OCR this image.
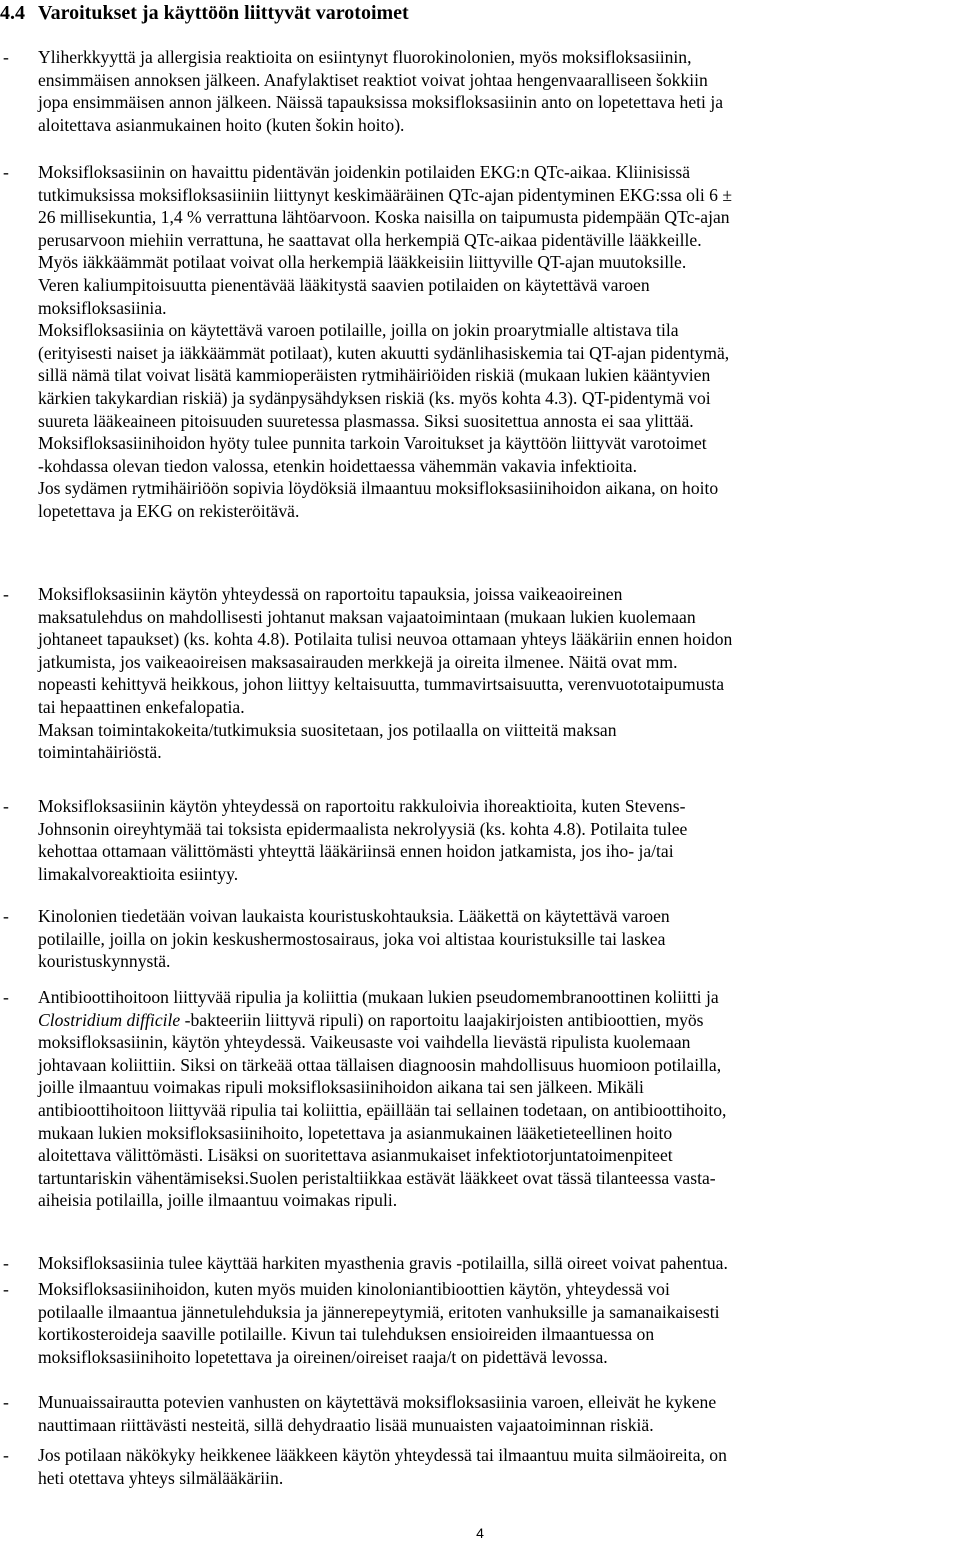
4.4 Varoitukset ja käyttöön liittyvät varotoimet
- Yliherkkyyttä ja allergisia reaktioita on esiintynyt fluorokinolonien, myös moksifloksasiinin,
ensimmäisen annoksen jälkeen. Anafylaktiset reaktiot voivat johtaa hengenvaaralliseen šokkiin
jopa ensimmäisen annon jälkeen. Näissä tapauksissa moksifloksasiinin anto on lopetettava heti ja
aloitettava asianmukainen hoito (kuten šokin hoito).
- Moksifloksasiinin on havaittu pidentävän joidenkin potilaiden EKG:n QTc-aikaa. Kliinisissä
tutkimuksissa moksifloksasiiniin liittynyt keskimääräinen QTc-ajan pidentyminen EKG:ssa oli 6 ±
26 millisekuntia, 1,4 % verrattuna lähtöarvoon. Koska naisilla on taipumusta pidempään QTc-ajan
perusarvoon miehiin verrattuna, he saattavat olla herkempiä QTc-aikaa pidentäville lääkkeille.
Myös iäkkäämmät potilaat voivat olla herkempiä lääkkeisiin liittyville QT-ajan muutoksille.
Veren kaliumpitoisuutta pienentävää lääkitystä saavien potilaiden on käytettävä varoen
moksifloksasiinia.
Moksifloksasiinia on käytettävä varoen potilaille, joilla on jokin proarytmialle altistava tila
(erityisesti naiset ja iäkkäämmät potilaat), kuten akuutti sydänlihasiskemia tai QT-ajan pidentymä,
sillä nämä tilat voivat lisätä kammioperäisten rytmihäiriöiden riskiä (mukaan lukien kääntyvien
kärkien takykardian riskiä) ja sydänpysähdyksen riskiä (ks. myös kohta 4.3). QT-pidentymä voi
suureta lääkeaineen pitoisuuden suuretessa plasmassa. Siksi suositettua annosta ei saa ylittää.
Moksifloksasiinihoidon hyöty tulee punnita tarkoin Varoitukset ja käyttöön liittyvät varotoimet
-kohdassa olevan tiedon valossa, etenkin hoidettaessa vähemmän vakavia infektioita.
Jos sydämen rytmihäiriöön sopivia löydöksiä ilmaantuu moksifloksasiinihoidon aikana, on hoito
lopetettava ja EKG on rekisteröitävä.
- Moksifloksasiinin käytön yhteydessä on raportoitu tapauksia, joissa vaikeaoireinen
maksatulehdus on mahdollisesti johtanut maksan vajaatoimintaan (mukaan lukien kuolemaan
johtaneet tapaukset) (ks. kohta 4.8). Potilaita tulisi neuvoa ottamaan yhteys lääkäriin ennen hoidon
jatkumista, jos vaikeaoireisen maksasairauden merkkejä ja oireita ilmenee. Näitä ovat mm.
nopeasti kehittyvä heikkous, johon liittyy keltaisuutta, tummavirtsaisuutta, verenvuototaipumusta
tai hepaattinen enkefalopatia.
Maksan toimintakokeita/tutkimuksia suositetaan, jos potilaalla on viitteitä maksan
toimintahäiriöstä.
- Moksifloksasiinin käytön yhteydessä on raportoitu rakkuloivia ihoreaktioita, kuten Stevens-
Johnsonin oireyhtymää tai toksista epidermaalista nekrolyysiä (ks. kohta 4.8). Potilaita tulee
kehottaa ottamaan välittömästi yhteyttä lääkäriinsä ennen hoidon jatkamista, jos iho- ja/tai
limakalvoreaktioita esiintyy.
- Kinolonien tiedetään voivan laukaista kouristuskohtauksia. Lääkettä on käytettävä varoen
potilaille, joilla on jokin keskushermostosairaus, joka voi altistaa kouristuksille tai laskea
kouristuskynnystä.
- Antibioottihoitoon liittyvää ripulia ja koliittia (mukaan lukien pseudomembranoottinen koliitti ja
Clostridium difficile -bakteeriin liittyvä ripuli) on raportoitu laajakirjoisten antibioottien, myös
moksifloksasiinin, käytön yhteydessä. Vaikeusaste voi vaihdella lievästä ripulista kuolemaan
johtavaan koliittiin. Siksi on tärkeää ottaa tällaisen diagnoosin mahdollisuus huomioon potilailla,
joille ilmaantuu voimakas ripuli moksifloksasiinihoidon aikana tai sen jälkeen. Mikäli
antibioottihoitoon liittyvää ripulia tai koliittia, epäillään tai sellainen todetaan, on antibioottihoito,
mukaan lukien moksifloksasiinihoito, lopetettava ja asianmukainen lääketieteellinen hoito
aloitettava välittömästi. Lisäksi on suoritettava asianmukaiset infektiotorjuntatoimenpiteet
tartuntariskin vähentämiseksi.Suolen peristaltiikkaa estävät lääkkeet ovat tässä tilanteessa vasta-
aiheisia potilailla, joille ilmaantuu voimakas ripuli.
- Moksifloksasiinia tulee käyttää harkiten myasthenia gravis -potilailla, sillä oireet voivat pahentua.
- Moksifloksasiinihoidon, kuten myös muiden kinoloniantibioottien käytön, yhteydessä voi
potilaalle ilmaantua jännetulehduksia ja jännerepeytymiä, eritoten vanhuksille ja samanaikaisesti
kortikosteroideja saaville potilaille. Kivun tai tulehduksen ensioireiden ilmaantuessa on
moksifloksasiinihoito lopetettava ja oireinen/oireiset raaja/t on pidettävä levossa.
- Munuaissairautta potevien vanhusten on käytettävä moksifloksasiinia varoen, elleivät he kykene
nauttimaan riittävästi nesteitä, sillä dehydraatio lisää munuaisten vajaatoiminnan riskiä.
- Jos potilaan näkökyky heikkenee lääkkeen käytön yhteydessä tai ilmaantuu muita silmäoireita, on
heti otettava yhteys silmälääkäriin.
4
